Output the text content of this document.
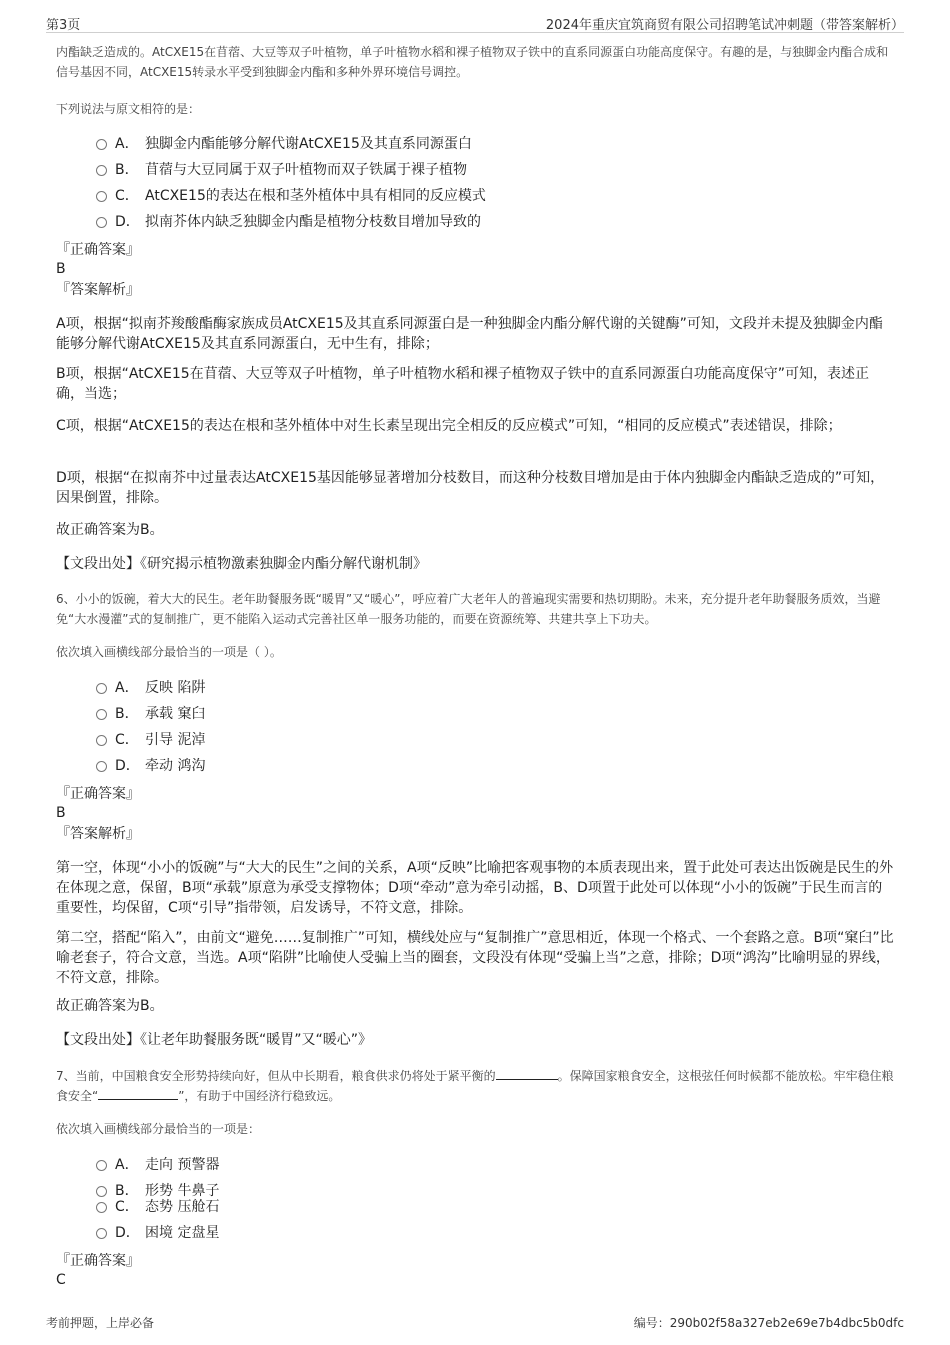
第3页	2024年重庆宜筑商贸有限公司招聘笔试冲刺题（带答案解析）

内酯缺乏造成的。AtCXE15在苜蓿、大豆等双子叶植物，单子叶植物水稻和裸子植物双子铁中的直系同源蛋白功能高度保守。有趣的是，与独脚金内酯合成和信号基因不同，AtCXE15转录水平受到独脚金内酯和多种外界环境信号调控。

下列说法与原文相符的是：

A． 独脚金内酯能够分解代谢AtCXE15及其直系同源蛋白
B． 苜蓿与大豆同属于双子叶植物而双子铁属于裸子植物
C． AtCXE15的表达在根和茎外植体中具有相同的反应模式
D． 拟南芥体内缺乏独脚金内酯是植物分枝数目增加导致的

『正确答案』

B

『答案解析』

A项，根据“拟南芥羧酸酯酶家族成员AtCXE15及其直系同源蛋白是一种独脚金内酯分解代谢的关键酶”可知，文段并未提及独脚金内酯能够分解代谢AtCXE15及其直系同源蛋白，无中生有，排除；

B项，根据“AtCXE15在苜蓿、大豆等双子叶植物，单子叶植物水稻和裸子植物双子铁中的直系同源蛋白功能高度保守”可知，表述正确，当选；

C项，根据“AtCXE15的表达在根和茎外植体中对生长素呈现出完全相反的反应模式”可知，“相同的反应模式”表述错误，排除；

D项，根据“在拟南芥中过量表达AtCXE15基因能够显著增加分枝数目，而这种分枝数目增加是由于体内独脚金内酯缺乏造成的”可知，因果倒置，排除。

故正确答案为B。

【文段出处】《研究揭示植物激素独脚金内酯分解代谢机制》

6、小小的饭碗，着大大的民生。老年助餐服务既“暖胃”又“暖心”，呼应着广大老年人的普遍现实需要和热切期盼。未来，充分提升老年助餐服务质效，当避免“大水漫灌”式的复制推广，更不能陷入运动式完善社区单一服务功能的，而要在资源统筹、共建共享上下功夫。

依次填入画横线部分最恰当的一项是（ ）。

A． 反映 陷阱
B． 承载 窠臼
C． 引导 泥淖
D． 牵动 鸿沟

『正确答案』

B

『答案解析』

第一空，体现“小小的饭碗”与“大大的民生”之间的关系，A项“反映”比喻把客观事物的本质表现出来，置于此处可表达出饭碗是民生的外在体现之意，保留，B项“承载”原意为承受支撑物体；D项“牵动”意为牵引动摇，B、D项置于此处可以体现“小小的饭碗”于民生而言的重要性，均保留，C项“引导”指带领，启发诱导，不符文意，排除。

第二空，搭配“陷入”，由前文“避免……复制推广”可知，横线处应与“复制推广”意思相近，体现一个格式、一个套路之意。B项“窠臼”比喻老套子，符合文意，当选。A项“陷阱”比喻使人受骗上当的圈套，文段没有体现“受骗上当”之意，排除；D项“鸿沟”比喻明显的界线，不符文意，排除。

故正确答案为B。

【文段出处】《让老年助餐服务既“暖胃”又“暖心”》

7、当前，中国粮食安全形势持续向好，但从中长期看，粮食供求仍将处于紧平衡的	。保障国家粮食安全，这根弦任何时候都不能放松。牢牢稳住粮食安全“	”，有助于中国经济行稳致远。

依次填入画横线部分最恰当的一项是：

A． 走向 预警器
B． 形势 牛鼻子
C． 态势 压舱石
D． 困境 定盘星

『正确答案』

C

考前押题，上岸必备	编号：290b02f58a327eb2e69e7b4dbc5b0dfc
